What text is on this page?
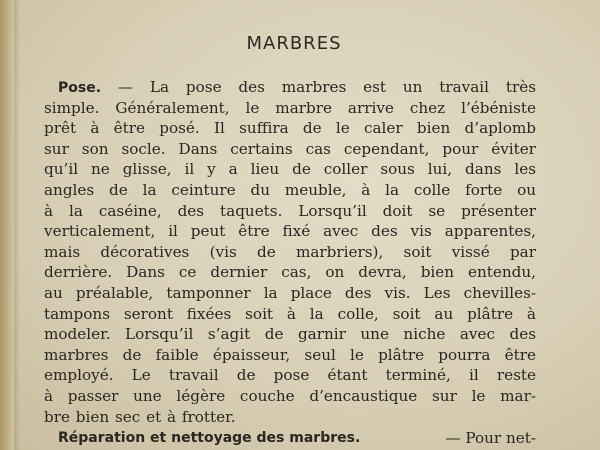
MARBRES
Pose. — La pose des marbres est un travail très
simple. Généralement, le marbre arrive chez l’ébéniste
prêt à être posé. Il suffira de le caler bien d’aplomb
sur son socle. Dans certains cas cependant, pour éviter
qu’il ne glisse, il y a lieu de coller sous lui, dans les
angles de la ceinture du meuble, à la colle forte ou
à la caséine, des taquets. Lorsqu’il doit se présenter
verticalement, il peut être fixé avec des vis apparentes,
mais décoratives (vis de marbriers), soit vissé par
derrière. Dans ce dernier cas, on devra, bien entendu,
au préalable, tamponner la place des vis. Les chevilles-
tampons seront fixées soit à la colle, soit au plâtre à
modeler. Lorsqu’il s’agit de garnir une niche avec des
marbres de faible épaisseur, seul le plâtre pourra être
employé. Le travail de pose étant terminé, il reste
à passer une légère couche d’encaustique sur le mar-
bre bien sec et à frotter.
Réparation et nettoyage des marbres.	— Pour net-
